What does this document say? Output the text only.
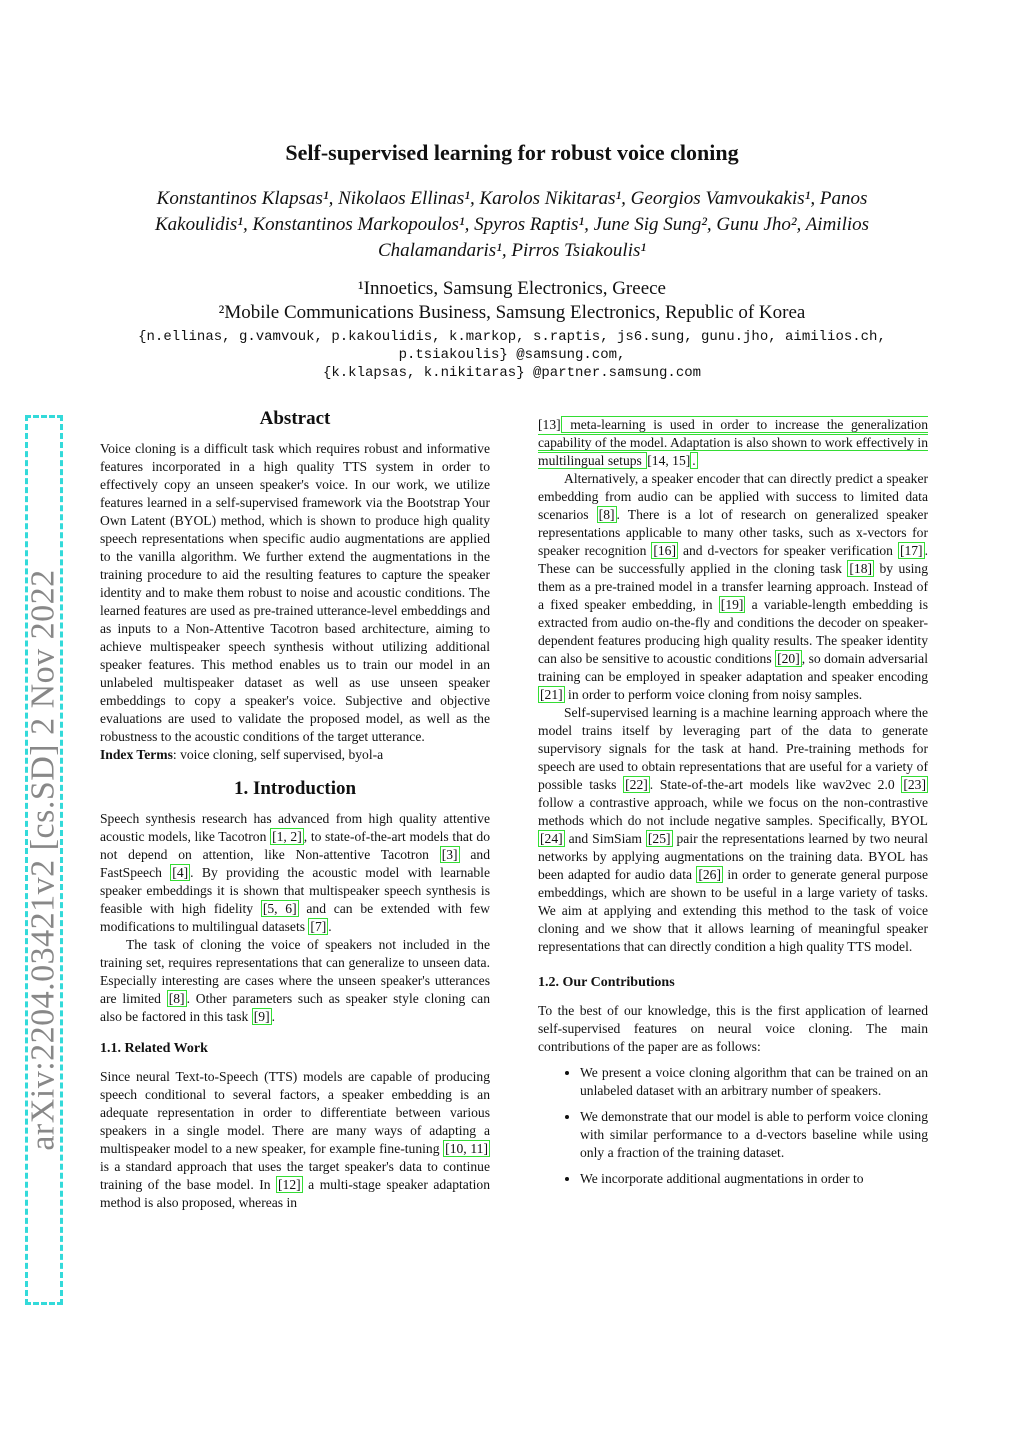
Self-supervised learning for robust voice cloning
Konstantinos Klapsas¹, Nikolaos Ellinas¹, Karolos Nikitaras¹, Georgios Vamvoukakis¹, Panos
Kakoulidis¹, Konstantinos Markopoulos¹, Spyros Raptis¹, June Sig Sung², Gunu Jho², Aimilios
Chalamandaris¹, Pirros Tsiakoulis¹
¹Innoetics, Samsung Electronics, Greece
²Mobile Communications Business, Samsung Electronics, Republic of Korea
{n.ellinas, g.vamvouk, p.kakoulidis, k.markop, s.raptis, js6.sung, gunu.jho, aimilios.ch,
p.tsiakoulis} @samsung.com,
{k.klapsas, k.nikitaras} @partner.samsung.com
arXiv:2204.03421v2 [cs.SD] 2 Nov 2022
Abstract

Voice cloning is a difficult task which requires robust and informative features incorporated in a high quality TTS system in order to effectively copy an unseen speaker's voice. In our work, we utilize features learned in a self-supervised framework via the Bootstrap Your Own Latent (BYOL) method, which is shown to produce high quality speech representations when specific audio augmentations are applied to the vanilla algorithm. We further extend the augmentations in the training procedure to aid the resulting features to capture the speaker identity and to make them robust to noise and acoustic conditions. The learned features are used as pre-trained utterance-level embeddings and as inputs to a Non-Attentive Tacotron based architecture, aiming to achieve multispeaker speech synthesis without utilizing additional speaker features. This method enables us to train our model in an unlabeled multispeaker dataset as well as use unseen speaker embeddings to copy a speaker's voice. Subjective and objective evaluations are used to validate the proposed model, as well as the robustness to the acoustic conditions of the target utterance.

Index Terms: voice cloning, self supervised, byol-a

1. Introduction

Speech synthesis research has advanced from high quality attentive acoustic models, like Tacotron [1, 2] , to state-of-the-art models that do not depend on attention, like Non-attentive Tacotron [3] and FastSpeech [4] . By providing the acoustic model with learnable speaker embeddings it is shown that multispeaker speech synthesis is feasible with high fidelity [5, 6] and can be extended with few modifications to multilingual datasets [7] .

The task of cloning the voice of speakers not included in the training set, requires representations that can generalize to unseen data. Especially interesting are cases where the unseen speaker's utterances are limited [8] . Other parameters such as speaker style cloning can also be factored in this task [9] .

1.1. Related Work

Since neural Text-to-Speech (TTS) models are capable of producing speech conditional to several factors, a speaker embedding is an adequate representation in order to differentiate between various speakers in a single model. There are many ways of adapting a multispeaker model to a new speaker, for example fine-tuning [10, 11] is a standard approach that uses the target speaker's data to continue training of the base model. In [12] a multi-stage speaker adaptation method is also proposed, whereas in

[13] meta-learning is used in order to increase the generalization capability of the model. Adaptation is also shown to work effectively in multilingual setups [14, 15] .

Alternatively, a speaker encoder that can directly predict a speaker embedding from audio can be applied with success to limited data scenarios [8] . There is a lot of research on generalized speaker representations applicable to many other tasks, such as x-vectors for speaker recognition [16] and d-vectors for speaker verification [17] . These can be successfully applied in the cloning task [18] by using them as a pre-trained model in a transfer learning approach. Instead of a fixed speaker embedding, in [19] a variable-length embedding is extracted from audio on-the-fly and conditions the decoder on speaker-dependent features producing high quality results. The speaker identity can also be sensitive to acoustic conditions [20] , so domain adversarial training can be employed in speaker adaptation and speaker encoding [21] in order to perform voice cloning from noisy samples.

Self-supervised learning is a machine learning approach where the model trains itself by leveraging part of the data to generate supervisory signals for the task at hand. Pre-training methods for speech are used to obtain representations that are useful for a variety of possible tasks [22] . State-of-the-art models like wav2vec 2.0 [23] follow a contrastive approach, while we focus on the non-contrastive methods which do not include negative samples. Specifically, BYOL [24] and SimSiam [25] pair the representations learned by two neural networks by applying augmentations on the training data. BYOL has been adapted for audio data [26] in order to generate general purpose embeddings, which are shown to be useful in a large variety of tasks. We aim at applying and extending this method to the task of voice cloning and we show that it allows learning of meaningful speaker representations that can directly condition a high quality TTS model.

1.2. Our Contributions

To the best of our knowledge, this is the first application of learned self-supervised features on neural voice cloning. The main contributions of the paper are as follows:

• We present a voice cloning algorithm that can be trained on an unlabeled dataset with an arbitrary number of speakers.
• We demonstrate that our model is able to perform voice cloning with similar performance to a d-vectors baseline while using only a fraction of the training dataset.
• We incorporate additional augmentations in order to
